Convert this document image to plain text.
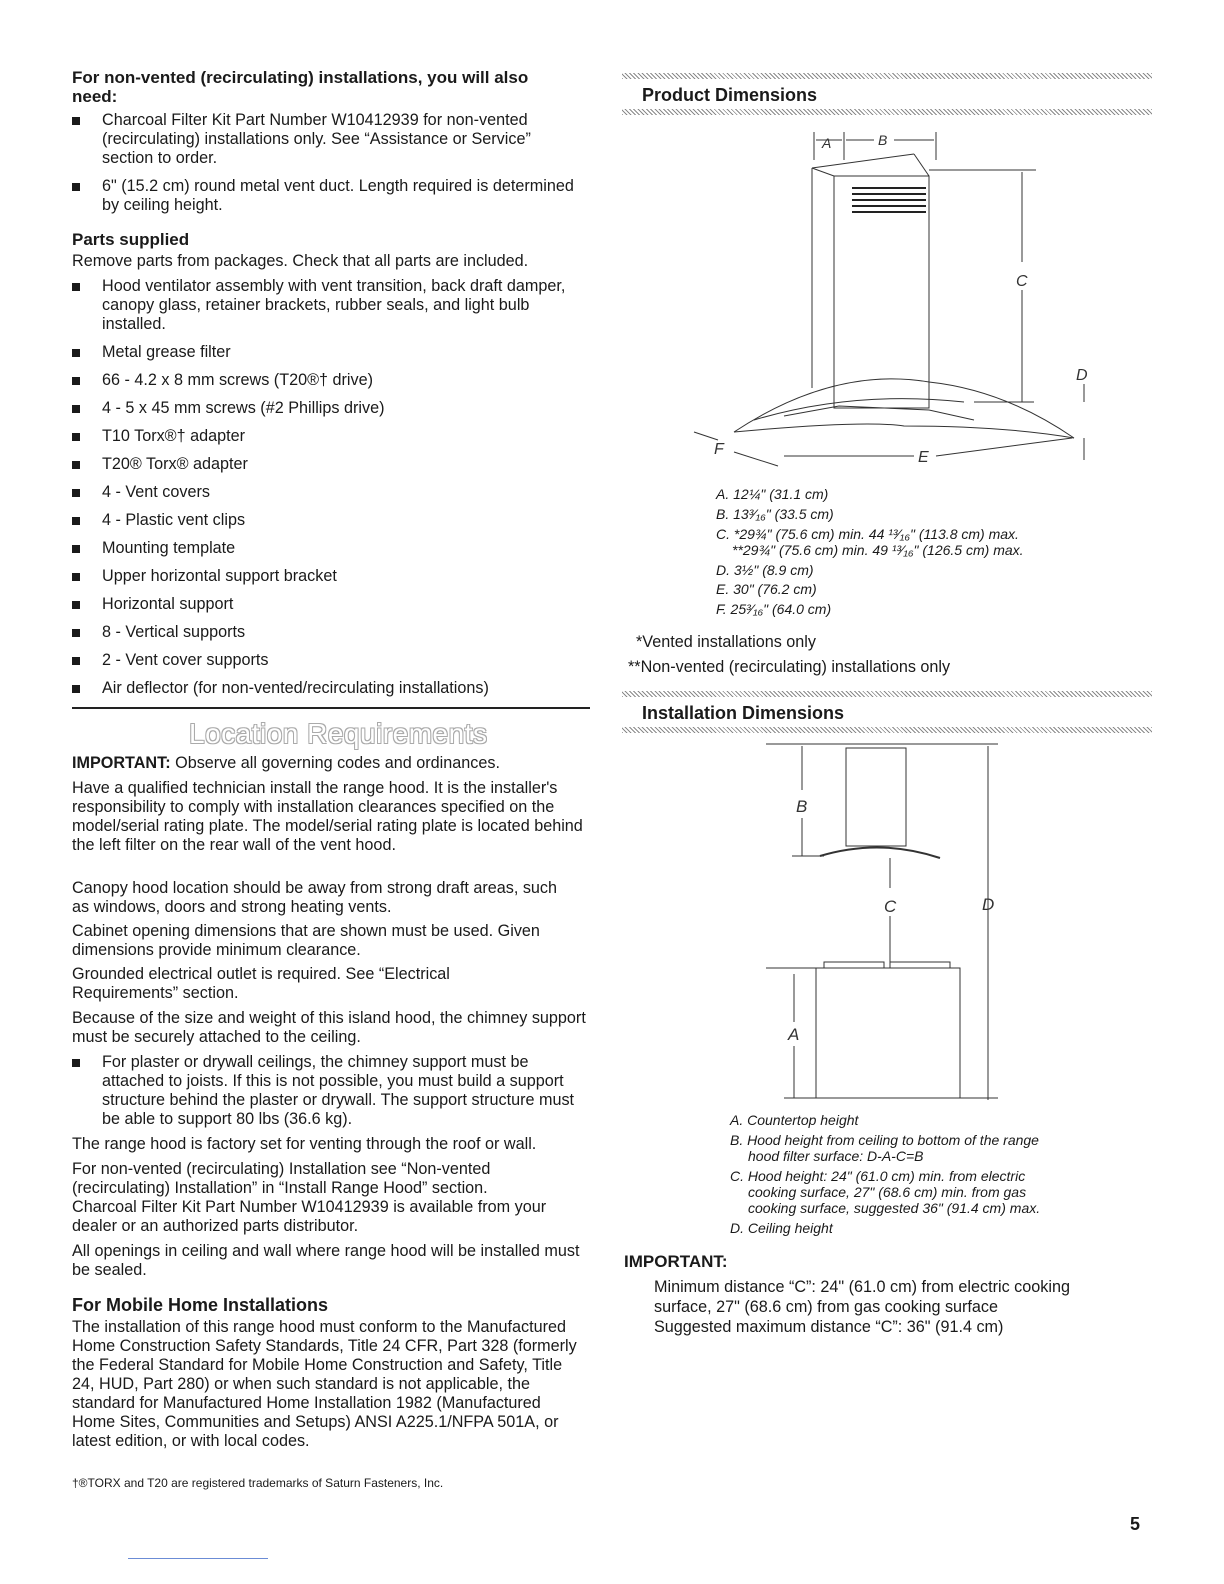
For non-vented (recirculating) installations, you will also need:

Charcoal Filter Kit Part Number W10412939 for non-vented (recirculating) installations only. See “Assistance or Service” section to order.
6" (15.2 cm) round metal vent duct. Length required is determined by ceiling height.

Parts supplied

Remove parts from packages. Check that all parts are included.

Hood ventilator assembly with vent transition, back draft damper, canopy glass, retainer brackets, rubber seals, and light bulb installed.
Metal grease filter
66 - 4.2 x 8 mm screws (T20®† drive)
4 - 5 x 45 mm screws (#2 Phillips drive)
T10 Torx®† adapter
T20® Torx® adapter
4 - Vent covers
4 - Plastic vent clips
Mounting template
Upper horizontal support bracket
Horizontal support
8 - Vertical supports
2 - Vent cover supports
Air deflector (for non-vented/recirculating installations)
Location Requirements

IMPORTANT: Observe all governing codes and ordinances.

Have a qualified technician install the range hood. It is the installer's responsibility to comply with installation clearances specified on the model/serial rating plate. The model/serial rating plate is located behind the left filter on the rear wall of the vent hood.

Canopy hood location should be away from strong draft areas, such as windows, doors and strong heating vents.

Cabinet opening dimensions that are shown must be used. Given dimensions provide minimum clearance.

Grounded electrical outlet is required. See “Electrical Requirements” section.

Because of the size and weight of this island hood, the chimney support must be securely attached to the ceiling.

For plaster or drywall ceilings, the chimney support must be attached to joists. If this is not possible, you must build a support structure behind the plaster or drywall. The support structure must be able to support 80 lbs (36.6 kg).

The range hood is factory set for venting through the roof or wall.

For non-vented (recirculating) Installation see “Non-vented (recirculating) Installation” in “Install Range Hood” section. Charcoal Filter Kit Part Number W10412939 is available from your dealer or an authorized parts distributor.

All openings in ceiling and wall where range hood will be installed must be sealed.

For Mobile Home Installations

The installation of this range hood must conform to the Manufactured Home Construction Safety Standards, Title 24 CFR, Part 328 (formerly the Federal Standard for Mobile Home Construction and Safety, Title 24, HUD, Part 280) or when such standard is not applicable, the standard for Manufactured Home Installation 1982 (Manufactured Home Sites, Communities and Setups) ANSI A225.1/NFPA 501A, or latest edition, or with local codes.

†®TORX and T20 are registered trademarks of Saturn Fasteners, Inc.

Product Dimensions
A	B
C
D
E
F

A. 12¼" (31.1 cm)

B. 13³⁄₁₆" (33.5 cm)

C. *29¾" (75.6 cm) min. 44 ¹³⁄₁₆" (113.8 cm) max.

**29¾" (75.6 cm) min. 49 ¹³⁄₁₆" (126.5 cm) max.

D. 3½" (8.9 cm)

E. 30" (76.2 cm)

F. 25³⁄₁₆" (64.0 cm)

*Vented installations only

**Non-vented (recirculating) installations only

Installation Dimensions
B
C	D
A

A. Countertop height

B. Hood height from ceiling to bottom of the range

hood filter surface: D-A-C=B

C. Hood height: 24" (61.0 cm) min. from electric

cooking surface, 27" (68.6 cm) min. from gas

cooking surface, suggested 36" (91.4 cm) max.

D. Ceiling height

IMPORTANT:

Minimum distance “C”: 24" (61.0 cm) from electric cooking

surface, 27" (68.6 cm) from gas cooking surface

Suggested maximum distance “C”: 36" (91.4 cm)

5
